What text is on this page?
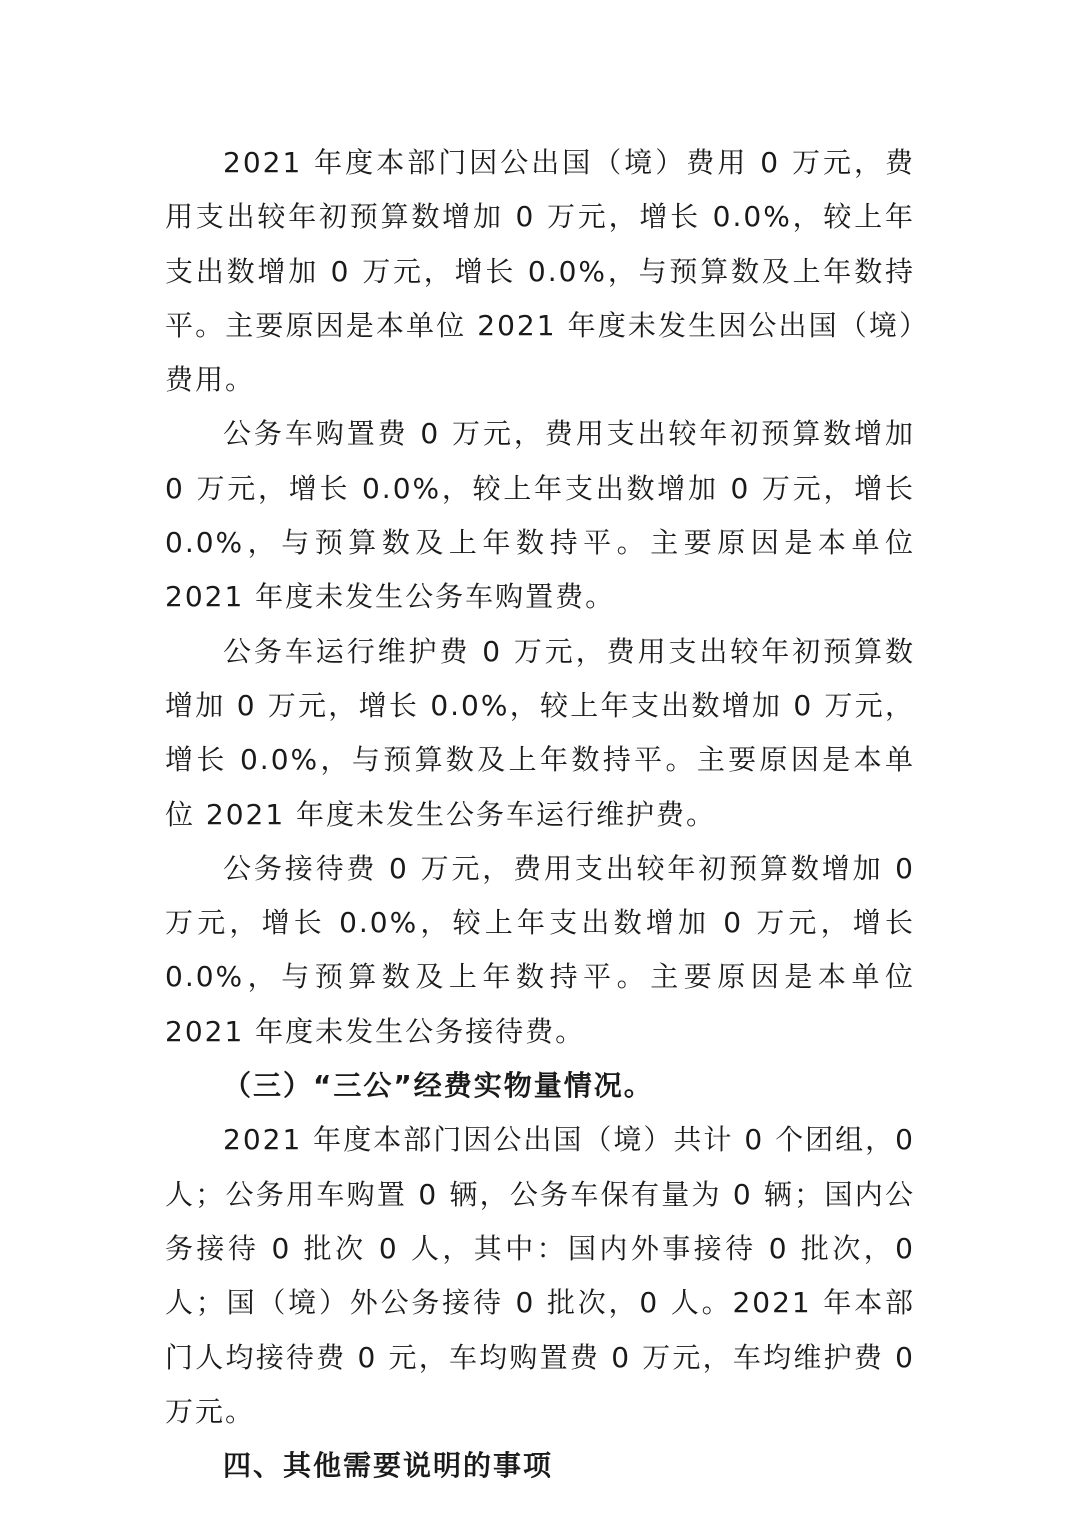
2021 年度本部门因公出国（境）费用 0 万元，费用支出较年初预算数增加 0 万元，增长 0.0%，较上年支出数增加 0 万元，增长 0.0%，与预算数及上年数持平。主要原因是本单位 2021 年度未发生因公出国（境）费用。

公务车购置费 0 万元，费用支出较年初预算数增加 0 万元，增长 0.0%，较上年支出数增加 0 万元，增长 0.0%，与预算数及上年数持平。主要原因是本单位 2021 年度未发生公务车购置费。

公务车运行维护费 0 万元，费用支出较年初预算数增加 0 万元，增长 0.0%，较上年支出数增加 0 万元，增长 0.0%，与预算数及上年数持平。主要原因是本单位 2021 年度未发生公务车运行维护费。

公务接待费 0 万元，费用支出较年初预算数增加 0 万元，增长 0.0%，较上年支出数增加 0 万元，增长 0.0%，与预算数及上年数持平。主要原因是本单位 2021 年度未发生公务接待费。

（三）“三公”经费实物量情况。

2021 年度本部门因公出国（境）共计 0 个团组，0 人；公务用车购置 0 辆，公务车保有量为 0 辆；国内公务接待 0 批次 0 人，其中：国内外事接待 0 批次，0 人；国（境）外公务接待 0 批次，0 人。2021 年本部门人均接待费 0 元，车均购置费 0 万元，车均维护费 0 万元。

四、其他需要说明的事项
